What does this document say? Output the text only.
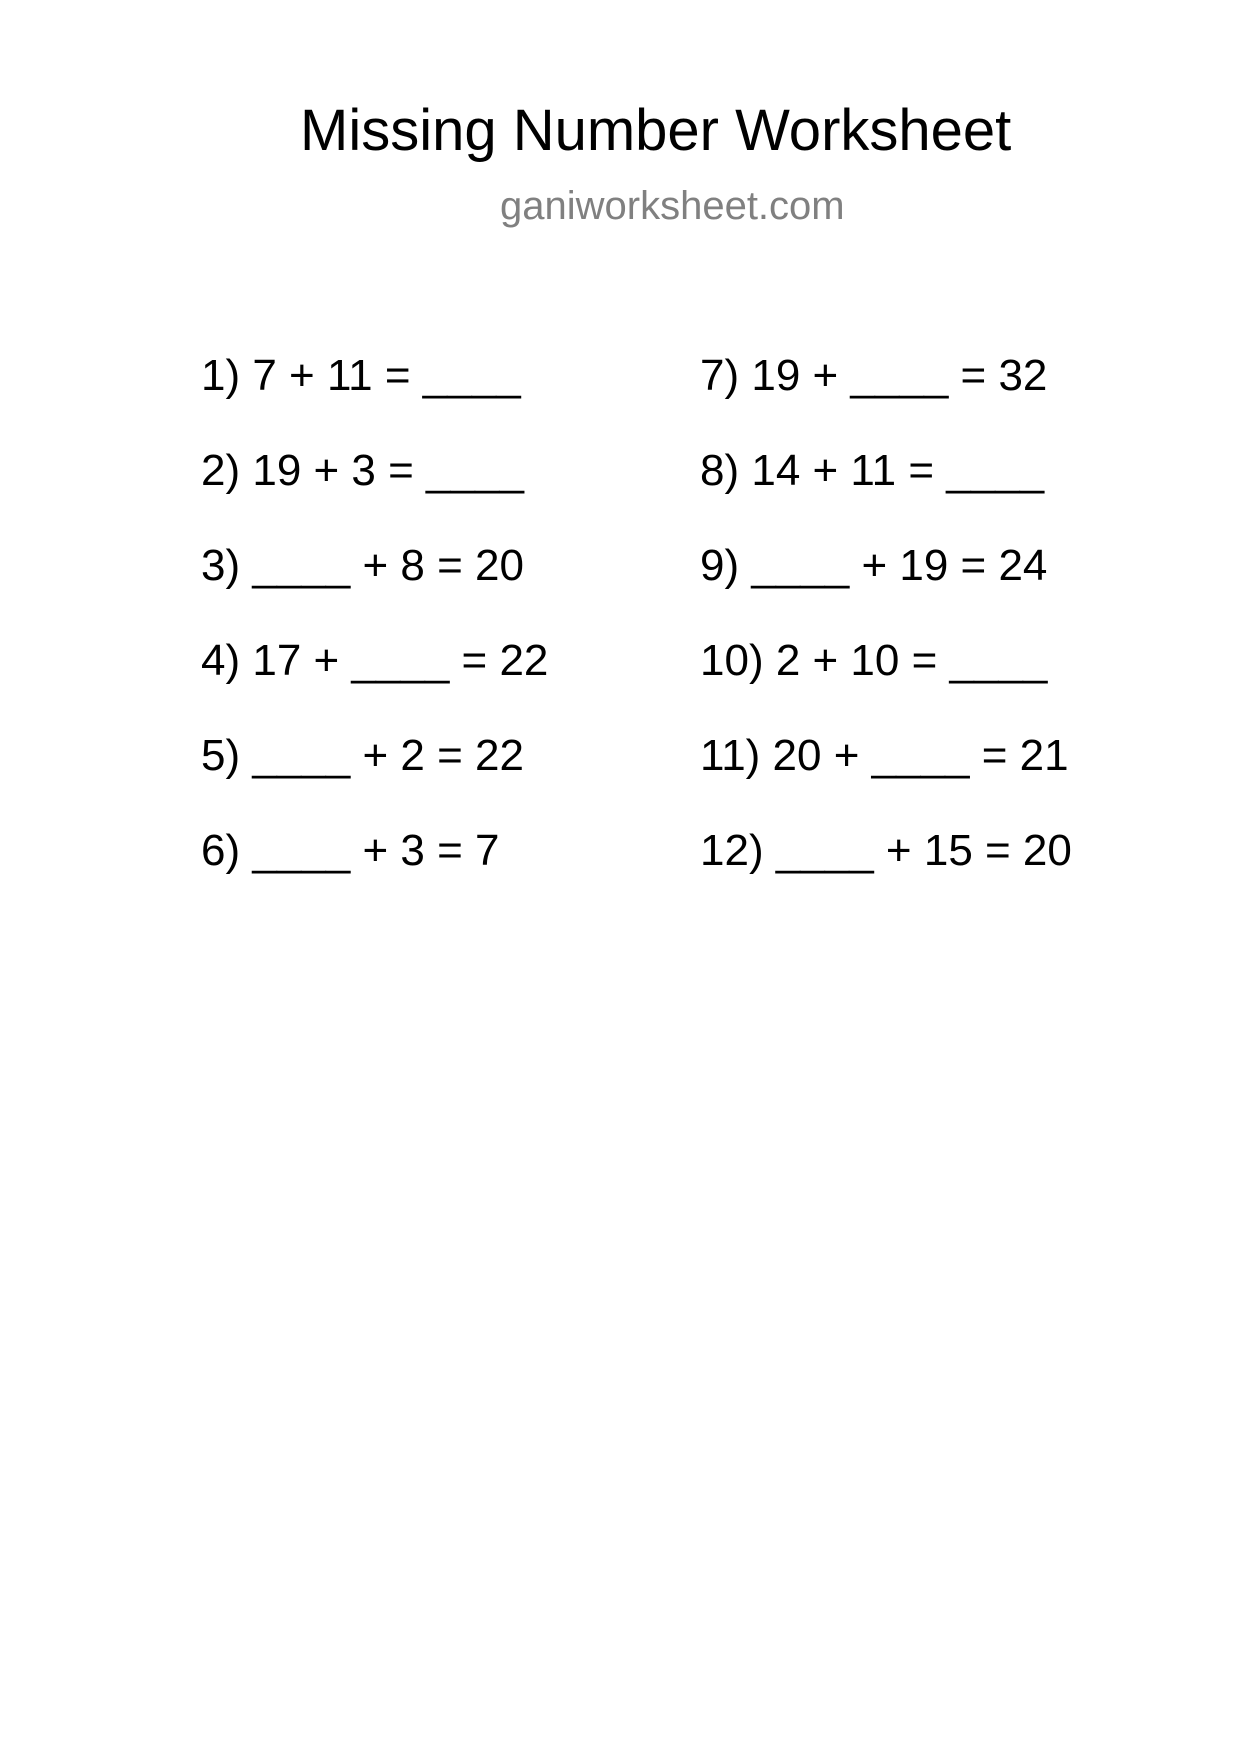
Missing Number Worksheet
ganiworksheet.com
1) 7 + 11 = ____
2) 19 + 3 = ____
3) ____ + 8 = 20
4) 17 + ____ = 22
5) ____ + 2 = 22
6) ____ + 3 = 7
7) 19 + ____ = 32
8) 14 + 11 = ____
9) ____ + 19 = 24
10) 2 + 10 = ____
11) 20 + ____ = 21
12) ____ + 15 = 20
